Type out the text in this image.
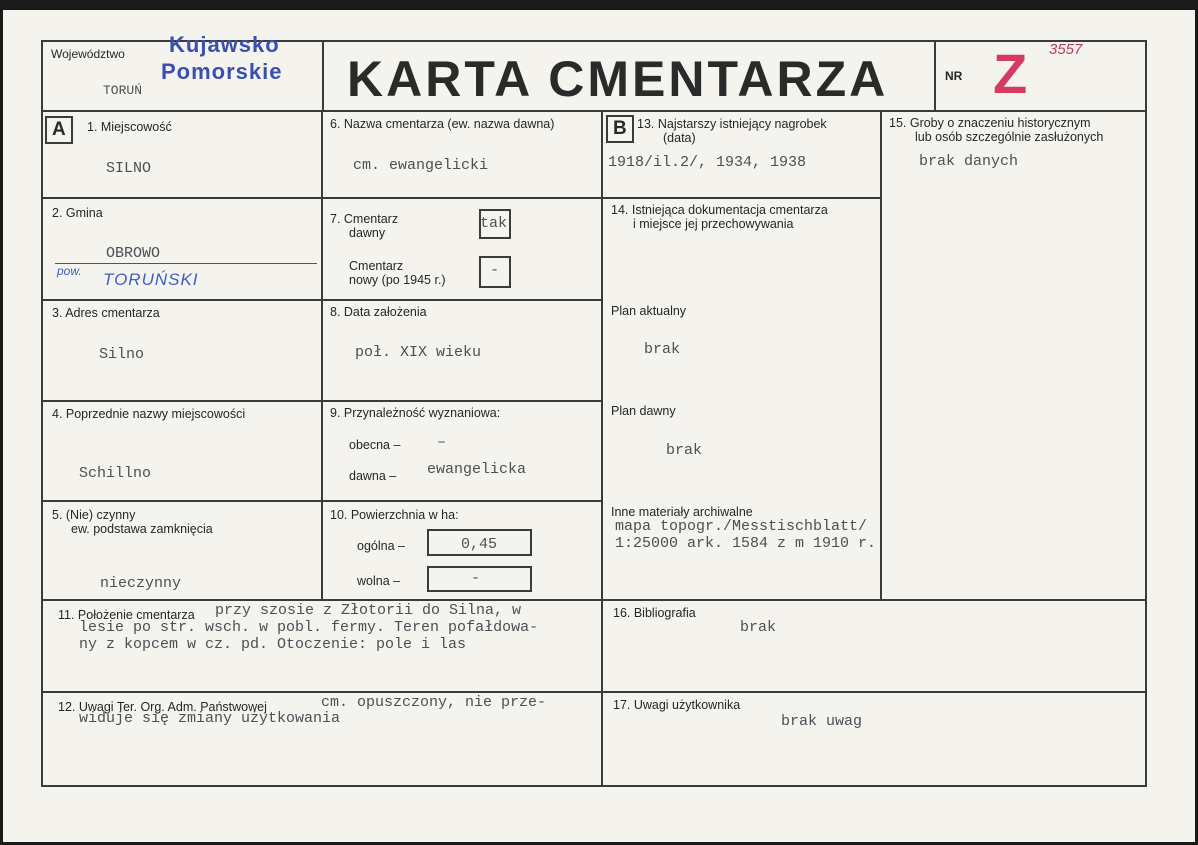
Województwo Kujawsko
Pomorskie
TORUŃ	KARTA CMENTARZA	NR Z 3557
A 1. Miejscowość
SILNO
2. Gmina
OBROWO
pow. TORUŃSKI
3. Adres cmentarza
Silno
4. Poprzednie nazwy miejscowości
Schillno
5. (Nie) czynny
ew. podstawa zamknięcia
nieczynny
6. Nazwa cmentarza (ew. nazwa dawna)
cm. ewangelicki
7. Cmentarz
dawny
tak
Cmentarz
nowy (po 1945 r.)
-
8. Data założenia
poł. XIX wieku
9. Przynależność wyznaniowa:
obecna – –
dawna – ewangelicka
10. Powierzchnia w ha:
ogólna –	0,45
wolna –	-
B 13. Najstarszy istniejący nagrobek
(data)
1918/il.2/, 1934, 1938
14. Istniejąca dokumentacja cmentarza
i miejsce jej przechowywania
Plan aktualny
brak
Plan dawny
brak
Inne materiały archiwalne
mapa topogr./Messtischblatt/
1:25000 ark. 1584 z m 1910 r.
15. Groby o znaczeniu historycznym
lub osób szczególnie zasłużonych
brak danych
11. Położenie cmentarza przy szosie z Złotorii do Silna, w
lesie po str. wsch. w pobl. fermy. Teren pofałdowa-
ny z kopcem w cz. pd. Otoczenie: pole i las
16. Bibliografia
brak
12. Uwagi Ter. Org. Adm. Państwowej	cm. opuszczony, nie prze-
widuje się zmiany użytkowania
17. Uwagi użytkownika
brak uwag
